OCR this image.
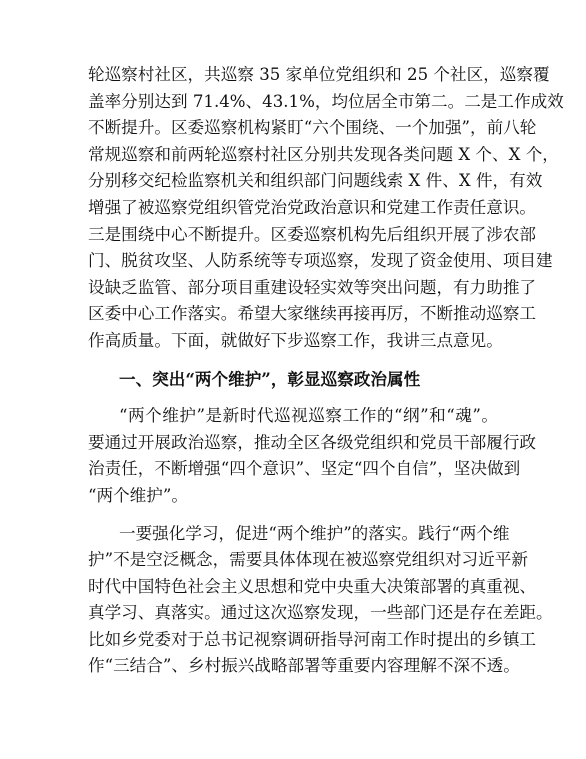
轮巡察村社区，共巡察 35 家单位党组织和 25 个社区，巡察覆
盖率分别达到 71.4%、43.1%，均位居全市第二。二是工作成效
不断提升。区委巡察机构紧盯“六个围绕、一个加强”，前八轮
常规巡察和前两轮巡察村社区分别共发现各类问题 X 个、X 个，
分别移交纪检监察机关和组织部门问题线索 X 件、X 件，有效
增强了被巡察党组织管党治党政治意识和党建工作责任意识。
三是围绕中心不断提升。区委巡察机构先后组织开展了涉农部
门、脱贫攻坚、人防系统等专项巡察，发现了资金使用、项目建
设缺乏监管、部分项目重建设轻实效等突出问题，有力助推了
区委中心工作落实。希望大家继续再接再厉，不断推动巡察工
作高质量。下面，就做好下步巡察工作，我讲三点意见。
一、突出“两个维护”，彰显巡察政治属性
“两个维护”是新时代巡视巡察工作的“纲”和“魂”。
要通过开展政治巡察，推动全区各级党组织和党员干部履行政
治责任，不断增强“四个意识”、坚定“四个自信”，坚决做到
“两个维护”。
一要强化学习，促进“两个维护”的落实。践行“两个维
护”不是空泛概念，需要具体体现在被巡察党组织对习近平新
时代中国特色社会主义思想和党中央重大决策部署的真重视、
真学习、真落实。通过这次巡察发现，一些部门还是存在差距。
比如乡党委对于总书记视察调研指导河南工作时提出的乡镇工
作“三结合”、乡村振兴战略部署等重要内容理解不深不透。
